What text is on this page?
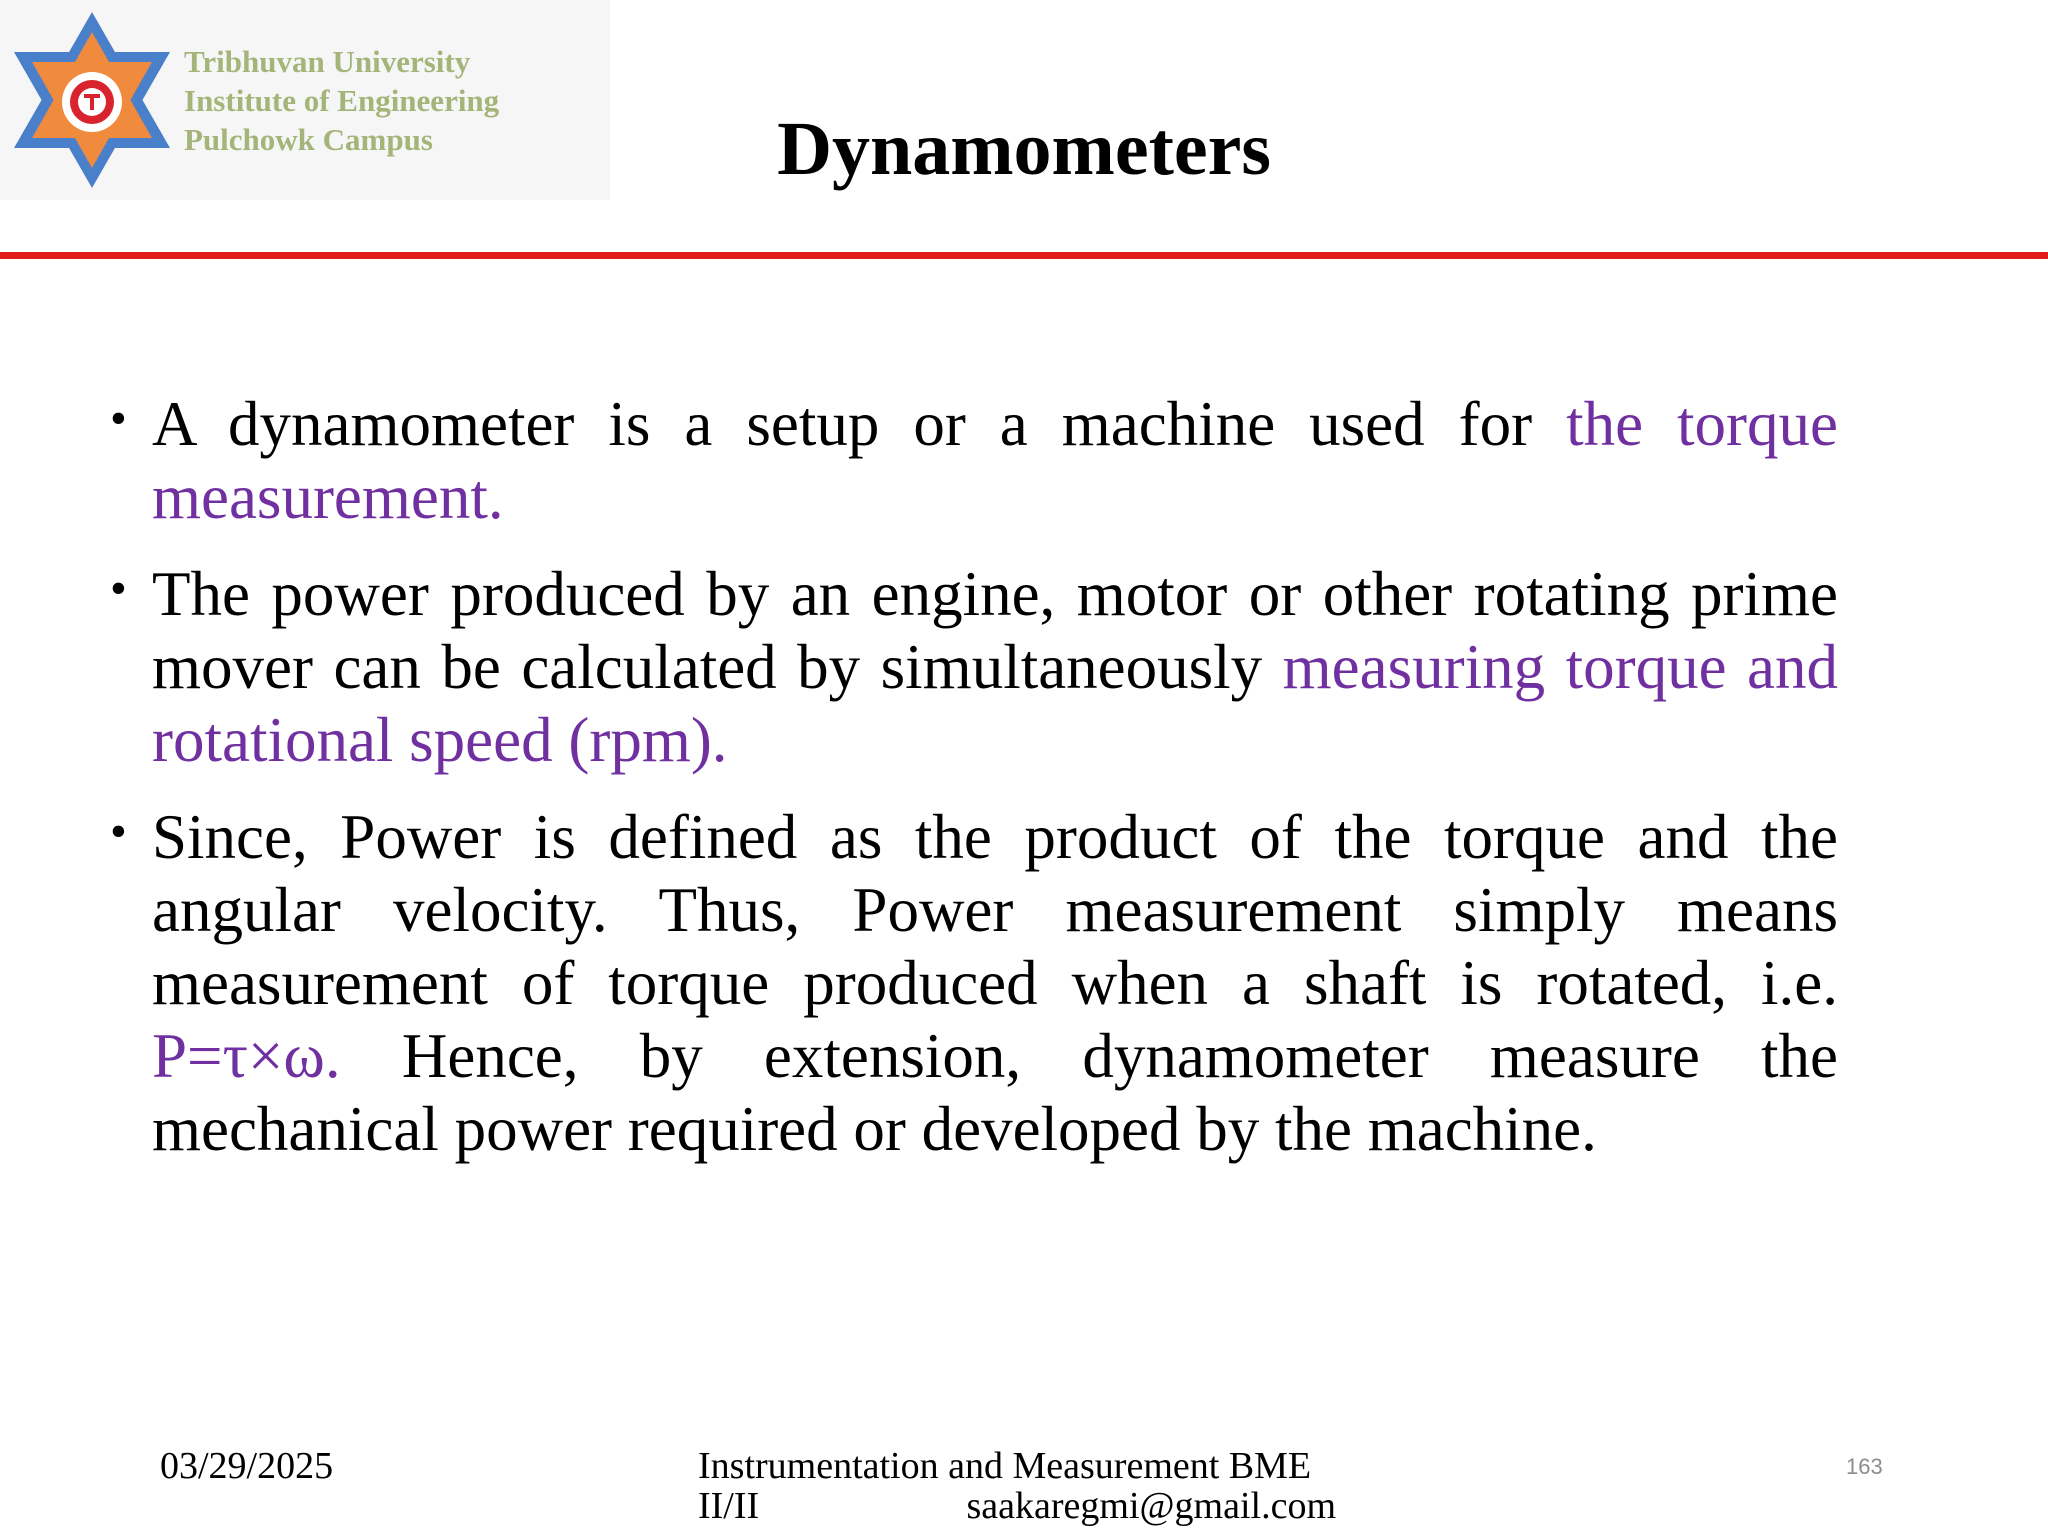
Tribhuvan University
Institute of Engineering
Pulchowk Campus	Dynamometers
• A dynamometer is a setup or a machine used for the torque measurement.
• The power produced by an engine, motor or other rotating prime mover can be calculated by simultaneously measuring torque and rotational speed (rpm).
• Since, Power is defined as the product of the torque and the angular velocity. Thus, Power measurement simply means measurement of torque produced when a shaft is rotated, i.e. P=τ×ω. Hence, by extension, dynamometer measure the mechanical power required or developed by the machine.
03/29/2025	Instrumentation and Measurement BME
II/II	saakaregmi@gmail.com
163
